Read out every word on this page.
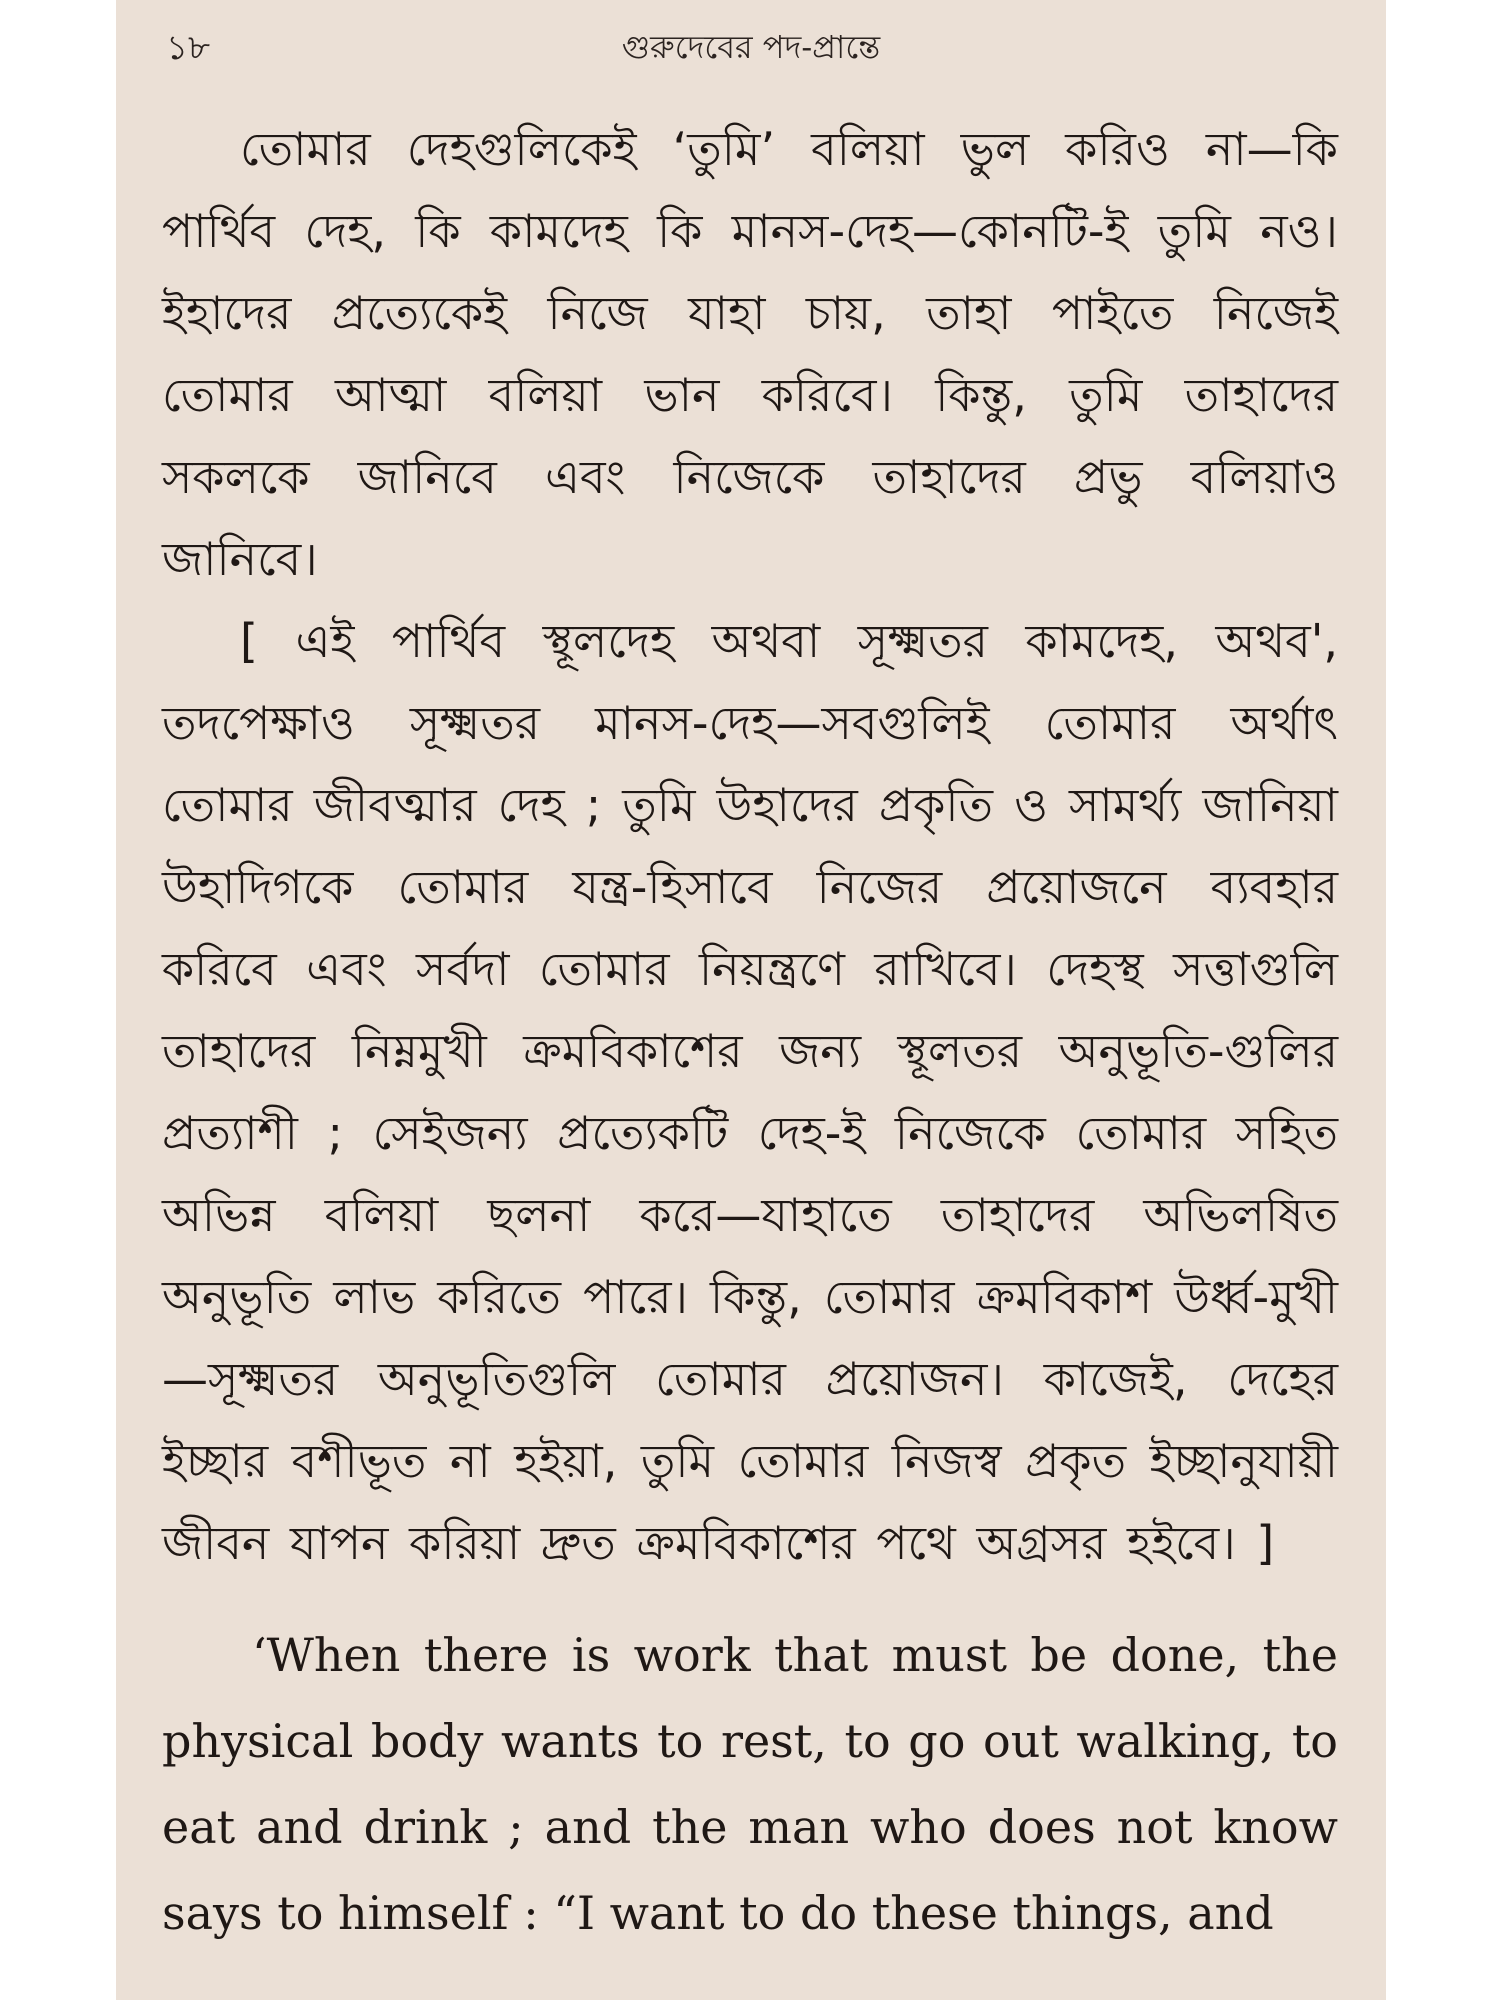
১৮	গুরুদেবের পদ-প্রান্তে

তোমার দেহগুলিকেই ‘তুমি’ বলিয়া ভুল করিও না—কি পার্থিব দেহ, কি কামদেহ কি মানস-দেহ—কোনটি-ই তুমি নও। ইহাদের প্রত্যেকেই নিজে যাহা চায়, তাহা পাইতে নিজেই তোমার আত্মা বলিয়া ভান করিবে। কিন্তু, তুমি তাহাদের সকলকে জানিবে এবং নিজেকে তাহাদের প্রভু বলিয়াও জানিবে।

[ এই পার্থিব স্থূলদেহ অথবা সূক্ষ্মতর কামদেহ, অথব', তদপেক্ষাও সূক্ষ্মতর মানস-দেহ—সবগুলিই তোমার অর্থাৎ তোমার জীবত্মার দেহ ; তুমি উহাদের প্রকৃতি ও সামর্থ্য জানিয়া উহাদিগকে তোমার যন্ত্র-হিসাবে নিজের প্রয়োজনে ব্যবহার করিবে এবং সর্বদা তোমার নিয়ন্ত্রণে রাখিবে। দেহস্থ সত্তাগুলি তাহাদের নিম্নমুখী ক্রমবিকাশের জন্য স্থূলতর অনুভূতি-গুলির প্রত্যাশী ; সেইজন্য প্রত্যেকটি দেহ-ই নিজেকে তোমার সহিত অভিন্ন বলিয়া ছলনা করে—যাহাতে তাহাদের অভিলষিত অনুভূতি লাভ করিতে পারে। কিন্তু, তোমার ক্রমবিকাশ উর্ধ্ব-মুখী—সূক্ষ্মতর অনুভূতিগুলি তোমার প্রয়োজন। কাজেই, দেহের ইচ্ছার বশীভূত না হইয়া, তুমি তোমার নিজস্ব প্রকৃত ইচ্ছানুযায়ী জীবন যাপন করিয়া দ্রুত ক্রমবিকাশের পথে অগ্রসর হইবে। ]

‘When there is work that must be done, the physical body wants to rest, to go out walking, to eat and drink ; and the man who does not know says to himself : “I want to do these things, and
